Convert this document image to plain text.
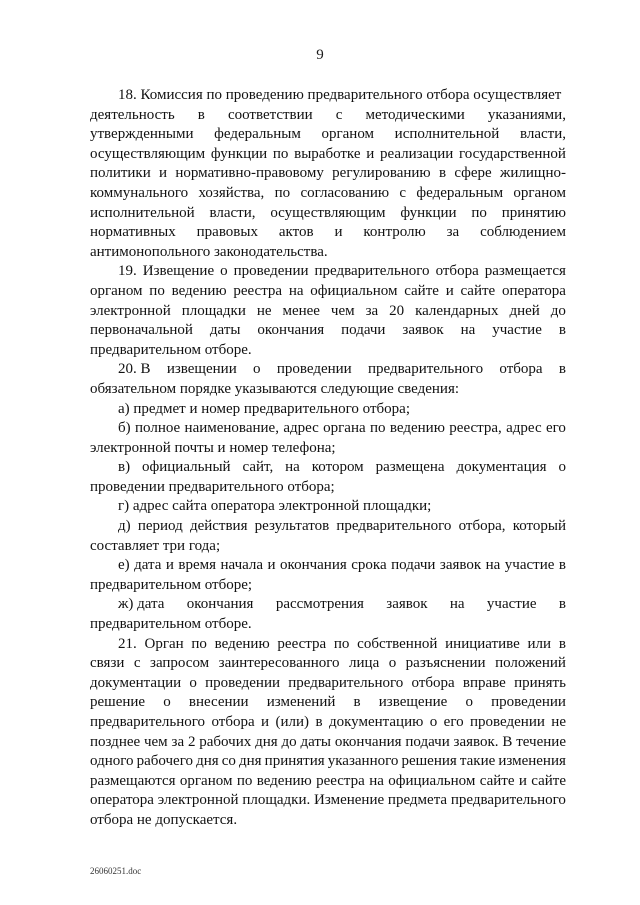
9
18. Комиссия по проведению предварительного отбора осуществляет
деятельность в соответствии с методическими указаниями,
утвержденными федеральным органом исполнительной власти,
осуществляющим функции по выработке и реализации государственной
политики и нормативно-правовому регулированию в сфере жилищно-
коммунального хозяйства, по согласованию с федеральным органом
исполнительной власти, осуществляющим функции по принятию
нормативных правовых актов и контролю за соблюдением
антимонопольного законодательства.
19. Извещение о проведении предварительного отбора размещается
органом по ведению реестра на официальном сайте и сайте оператора
электронной площадки не менее чем за 20 календарных дней до
первоначальной даты окончания подачи заявок на участие в
предварительном отборе.
20. В извещении о проведении предварительного отбора в
обязательном порядке указываются следующие сведения:
а) предмет и номер предварительного отбора;
б) полное наименование, адрес органа по ведению реестра, адрес его
электронной почты и номер телефона;
в) официальный сайт, на котором размещена документация о
проведении предварительного отбора;
г) адрес сайта оператора электронной площадки;
д) период действия результатов предварительного отбора, который
составляет три года;
е) дата и время начала и окончания срока подачи заявок на участие в
предварительном отборе;
ж) дата окончания рассмотрения заявок на участие в
предварительном отборе.
21. Орган по ведению реестра по собственной инициативе или в
связи с запросом заинтересованного лица о разъяснении положений
документации о проведении предварительного отбора вправе принять
решение о внесении изменений в извещение о проведении
предварительного отбора и (или) в документацию о его проведении не
позднее чем за 2 рабочих дня до даты окончания подачи заявок. В течение
одного рабочего дня со дня принятия указанного решения такие изменения
размещаются органом по ведению реестра на официальном сайте и сайте
оператора электронной площадки. Изменение предмета предварительного
отбора не допускается.
26060251.doc
